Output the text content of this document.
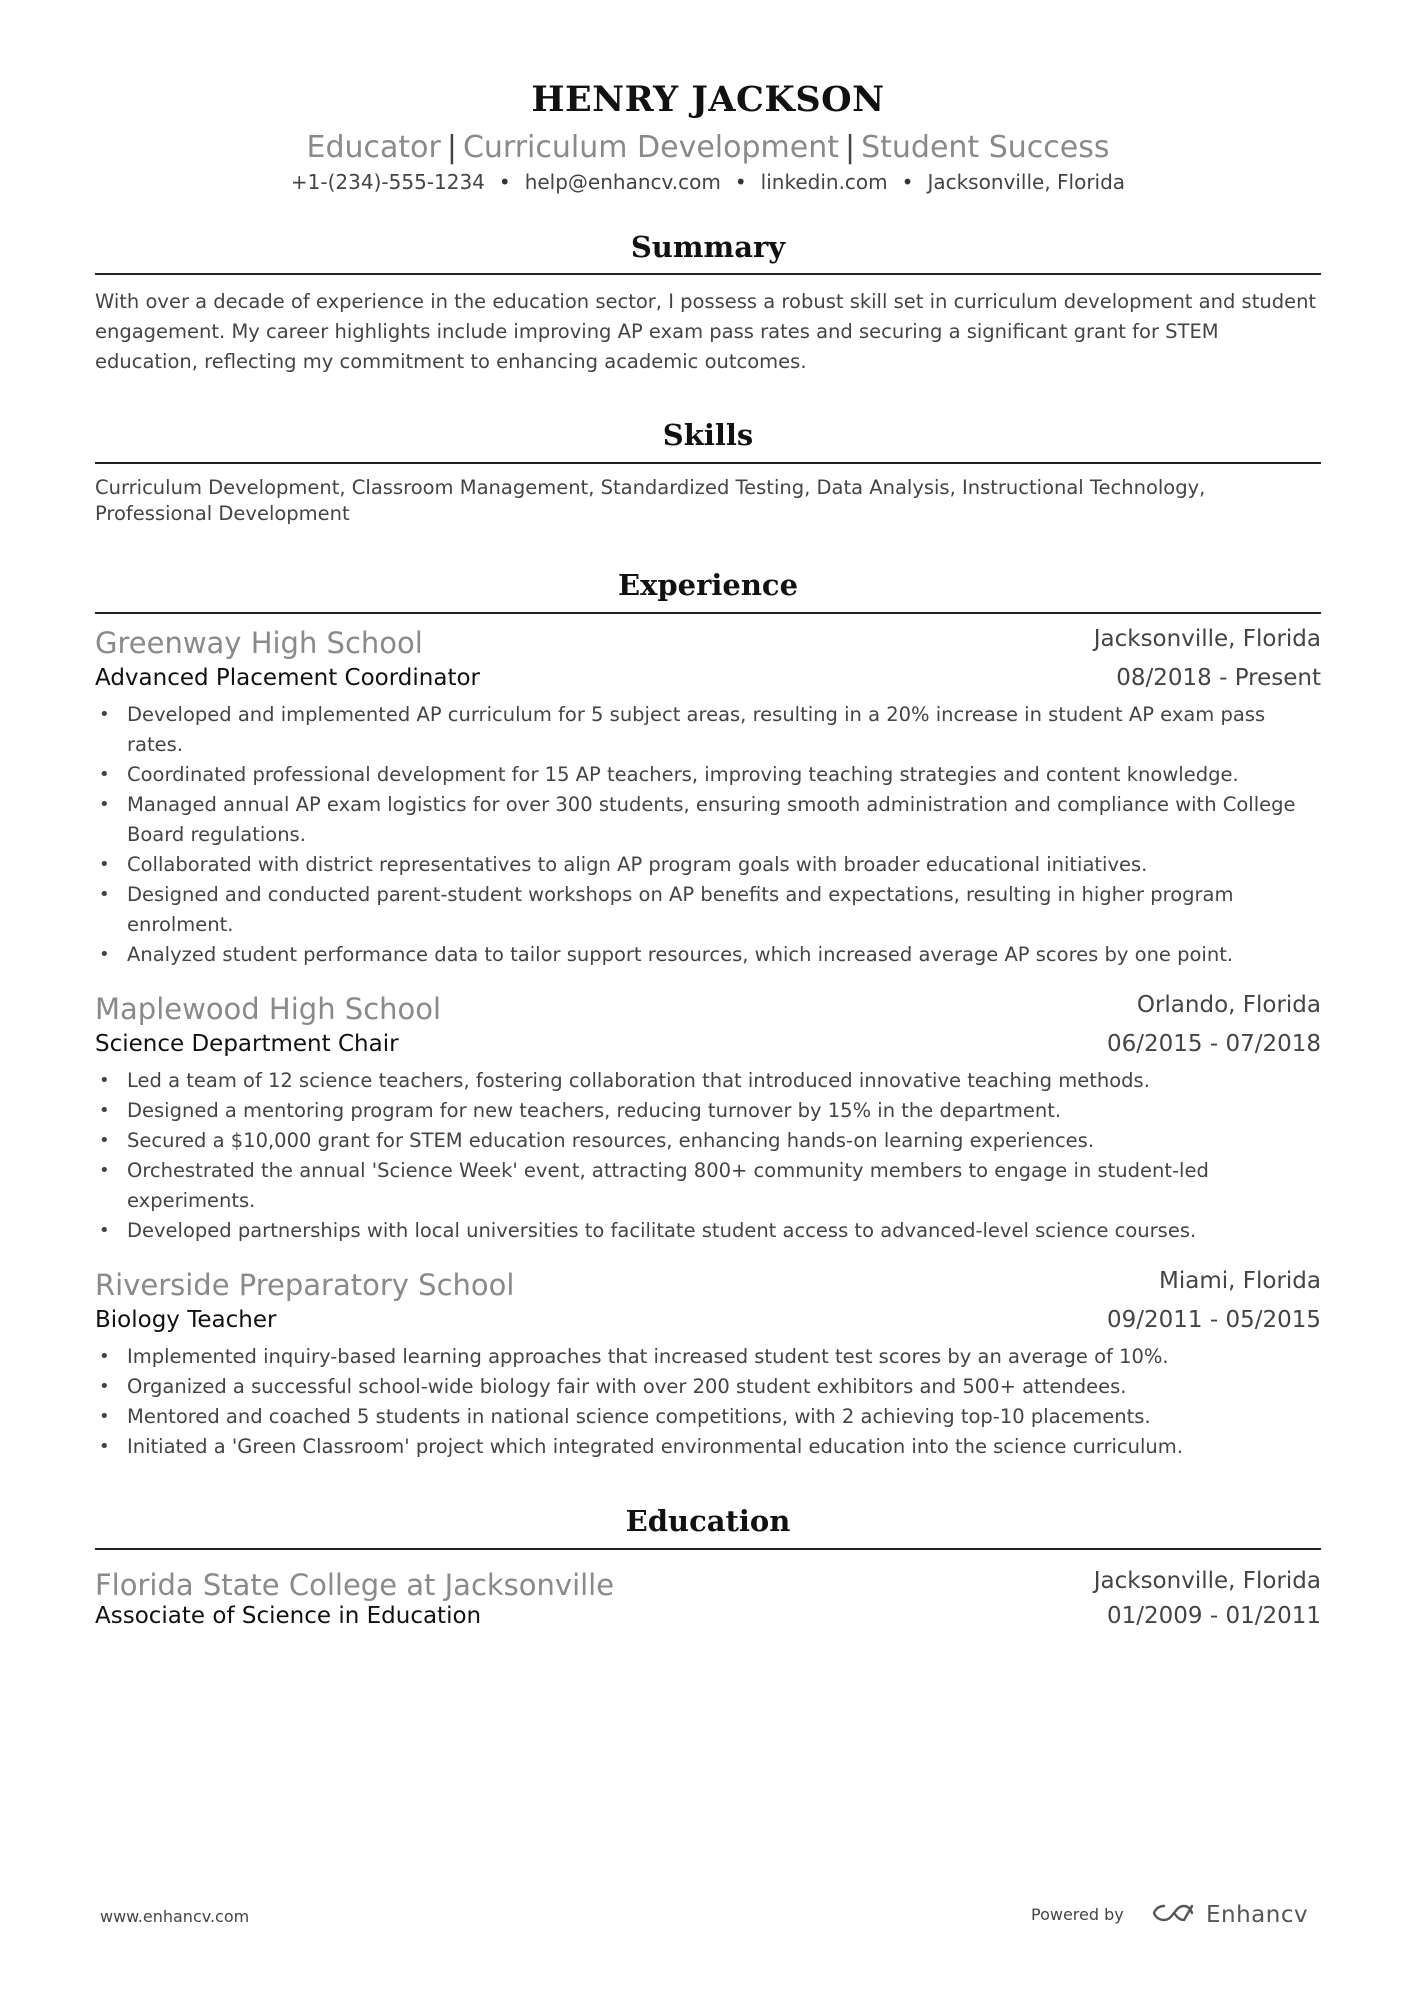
HENRY JACKSON
Educator | Curriculum Development | Student Success
+1-(234)-555-1234 • help@enhancv.com • linkedin.com • Jacksonville, Florida
Summary
With over a decade of experience in the education sector, I possess a robust skill set in curriculum development and student engagement. My career highlights include improving AP exam pass rates and securing a significant grant for STEM education, reflecting my commitment to enhancing academic outcomes.
Skills
Curriculum Development, Classroom Management, Standardized Testing, Data Analysis, Instructional Technology, Professional Development
Experience
Greenway High School	Jacksonville, Florida
Advanced Placement Coordinator	08/2018 - Present
• Developed and implemented AP curriculum for 5 subject areas, resulting in a 20% increase in student AP exam pass rates.
• Coordinated professional development for 15 AP teachers, improving teaching strategies and content knowledge.
• Managed annual AP exam logistics for over 300 students, ensuring smooth administration and compliance with College Board regulations.
• Collaborated with district representatives to align AP program goals with broader educational initiatives.
• Designed and conducted parent-student workshops on AP benefits and expectations, resulting in higher program enrolment.
• Analyzed student performance data to tailor support resources, which increased average AP scores by one point.
Maplewood High School	Orlando, Florida
Science Department Chair	06/2015 - 07/2018
• Led a team of 12 science teachers, fostering collaboration that introduced innovative teaching methods.
• Designed a mentoring program for new teachers, reducing turnover by 15% in the department.
• Secured a $10,000 grant for STEM education resources, enhancing hands-on learning experiences.
• Orchestrated the annual 'Science Week' event, attracting 800+ community members to engage in student-led experiments.
• Developed partnerships with local universities to facilitate student access to advanced-level science courses.
Riverside Preparatory School	Miami, Florida
Biology Teacher	09/2011 - 05/2015
• Implemented inquiry-based learning approaches that increased student test scores by an average of 10%.
• Organized a successful school-wide biology fair with over 200 student exhibitors and 500+ attendees.
• Mentored and coached 5 students in national science competitions, with 2 achieving top-10 placements.
• Initiated a 'Green Classroom' project which integrated environmental education into the science curriculum.
Education
Florida State College at Jacksonville	Jacksonville, Florida
Associate of Science in Education	01/2009 - 01/2011
www.enhancv.com	Powered by	Enhancv
